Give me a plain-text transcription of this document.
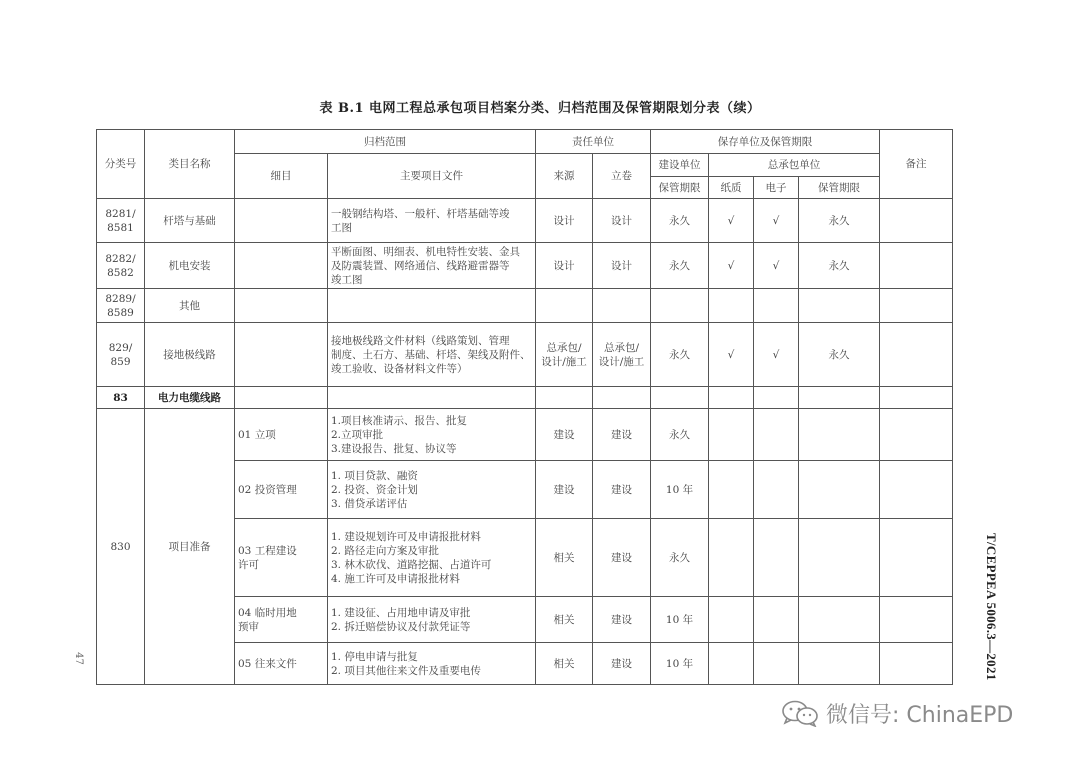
表 B.1 电网工程总承包项目档案分类、归档范围及保管期限划分表（续）
分类号	类目名称	归档范围		责任单位		保存单位及保管期限				备注
		细目	主要项目文件	来源	立卷	建设单位	总承包单位			
						保管期限	纸质	电子	保管期限	

8281/
8581	杆塔与基础		一般钢结构塔、一般杆、杆塔基础等竣
工图	设计	设计	永久	√	√	永久	

8282/
8582	机电安装		平断面图、明细表、机电特性安装、金具
及防震装置、网络通信、线路避雷器等
竣工图	设计	设计	永久	√	√	永久	

8289/
8589	其他									

829/
859	接地极线路		接地极线路文件材料（线路策划、管理
制度、土石方、基础、杆塔、架线及附件、
竣工验收、设备材料文件等）	总承包/
设计/施工	总承包/
设计/施工	永久	√	√	永久	
83	电力电缆线路									
830	项目准备	01 立项	1.项目核准请示、报告、批复
2.立项审批
3.建设报告、批复、协议等	建设	建设	永久				
		02 投资管理	1. 项目贷款、融资
2. 投资、资金计划
3. 借贷承诺评估	建设	建设	10 年				

		03 工程建设
许可	1. 建设规划许可及申请报批材料
2. 路径走向方案及审批
3. 林木砍伐、道路挖掘、占道许可
4. 施工许可及申请报批材料	相关	建设	永久				

		04 临时用地
预审	1. 建设征、占用地申请及审批
2. 拆迁赔偿协议及付款凭证等	相关	建设	10 年				
		05 往来文件	1. 停电申请与批复
2. 项目其他往来文件及重要电传	相关	建设	10 年					T/CEPPEA 5006.3—2021
47
微信号: ChinaEPD
